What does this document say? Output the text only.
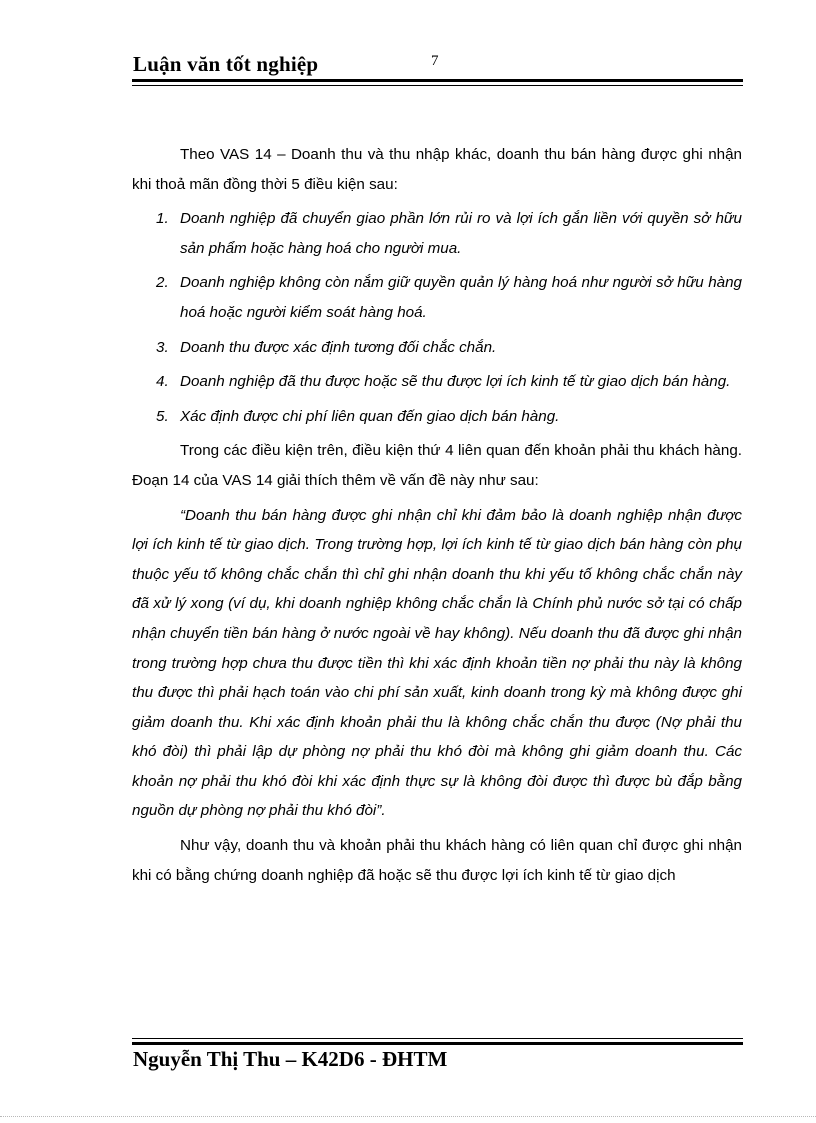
Luận văn tốt nghiệp	7

Theo VAS 14 – Doanh thu và thu nhập khác, doanh thu bán hàng được ghi nhận khi thoả mãn đồng thời 5 điều kiện sau:

1. Doanh nghiệp đã chuyển giao phần lớn rủi ro và lợi ích gắn liền với quyền sở hữu sản phẩm hoặc hàng hoá cho người mua.
2. Doanh nghiệp không còn nắm giữ quyền quản lý hàng hoá như người sở hữu hàng hoá hoặc người kiểm soát hàng hoá.
3. Doanh thu được xác định tương đối chắc chắn.
4. Doanh nghiệp đã thu được hoặc sẽ thu được lợi ích kinh tế từ giao dịch bán hàng.
5. Xác định được chi phí liên quan đến giao dịch bán hàng.

Trong các điều kiện trên, điều kiện thứ 4 liên quan đến khoản phải thu khách hàng. Đoạn 14 của VAS 14 giải thích thêm về vấn đề này như sau:

“Doanh thu bán hàng được ghi nhận chỉ khi đảm bảo là doanh nghiệp nhận được lợi ích kinh tế từ giao dịch. Trong trường hợp, lợi ích kinh tế từ giao dịch bán hàng còn phụ thuộc yếu tố không chắc chắn thì chỉ ghi nhận doanh thu khi yếu tố không chắc chắn này đã xử lý xong (ví dụ, khi doanh nghiệp không chắc chắn là Chính phủ nước sở tại có chấp nhận chuyển tiền bán hàng ở nước ngoài về hay không). Nếu doanh thu đã được ghi nhận trong trường hợp chưa thu được tiền thì khi xác định khoản tiền nợ phải thu này là không thu được thì phải hạch toán vào chi phí sản xuất, kinh doanh trong kỳ mà không được ghi giảm doanh thu. Khi xác định khoản phải thu là không chắc chắn thu được (Nợ phải thu khó đòi) thì phải lập dự phòng nợ phải thu khó đòi mà không ghi giảm doanh thu. Các khoản nợ phải thu khó đòi khi xác định thực sự là không đòi được thì được bù đắp bằng nguồn dự phòng nợ phải thu khó đòi”.

Như vậy, doanh thu và khoản phải thu khách hàng có liên quan chỉ được ghi nhận khi có bằng chứng doanh nghiệp đã hoặc sẽ thu được lợi ích kinh tế từ giao dịch

Nguyễn Thị Thu – K42D6 - ĐHTM
